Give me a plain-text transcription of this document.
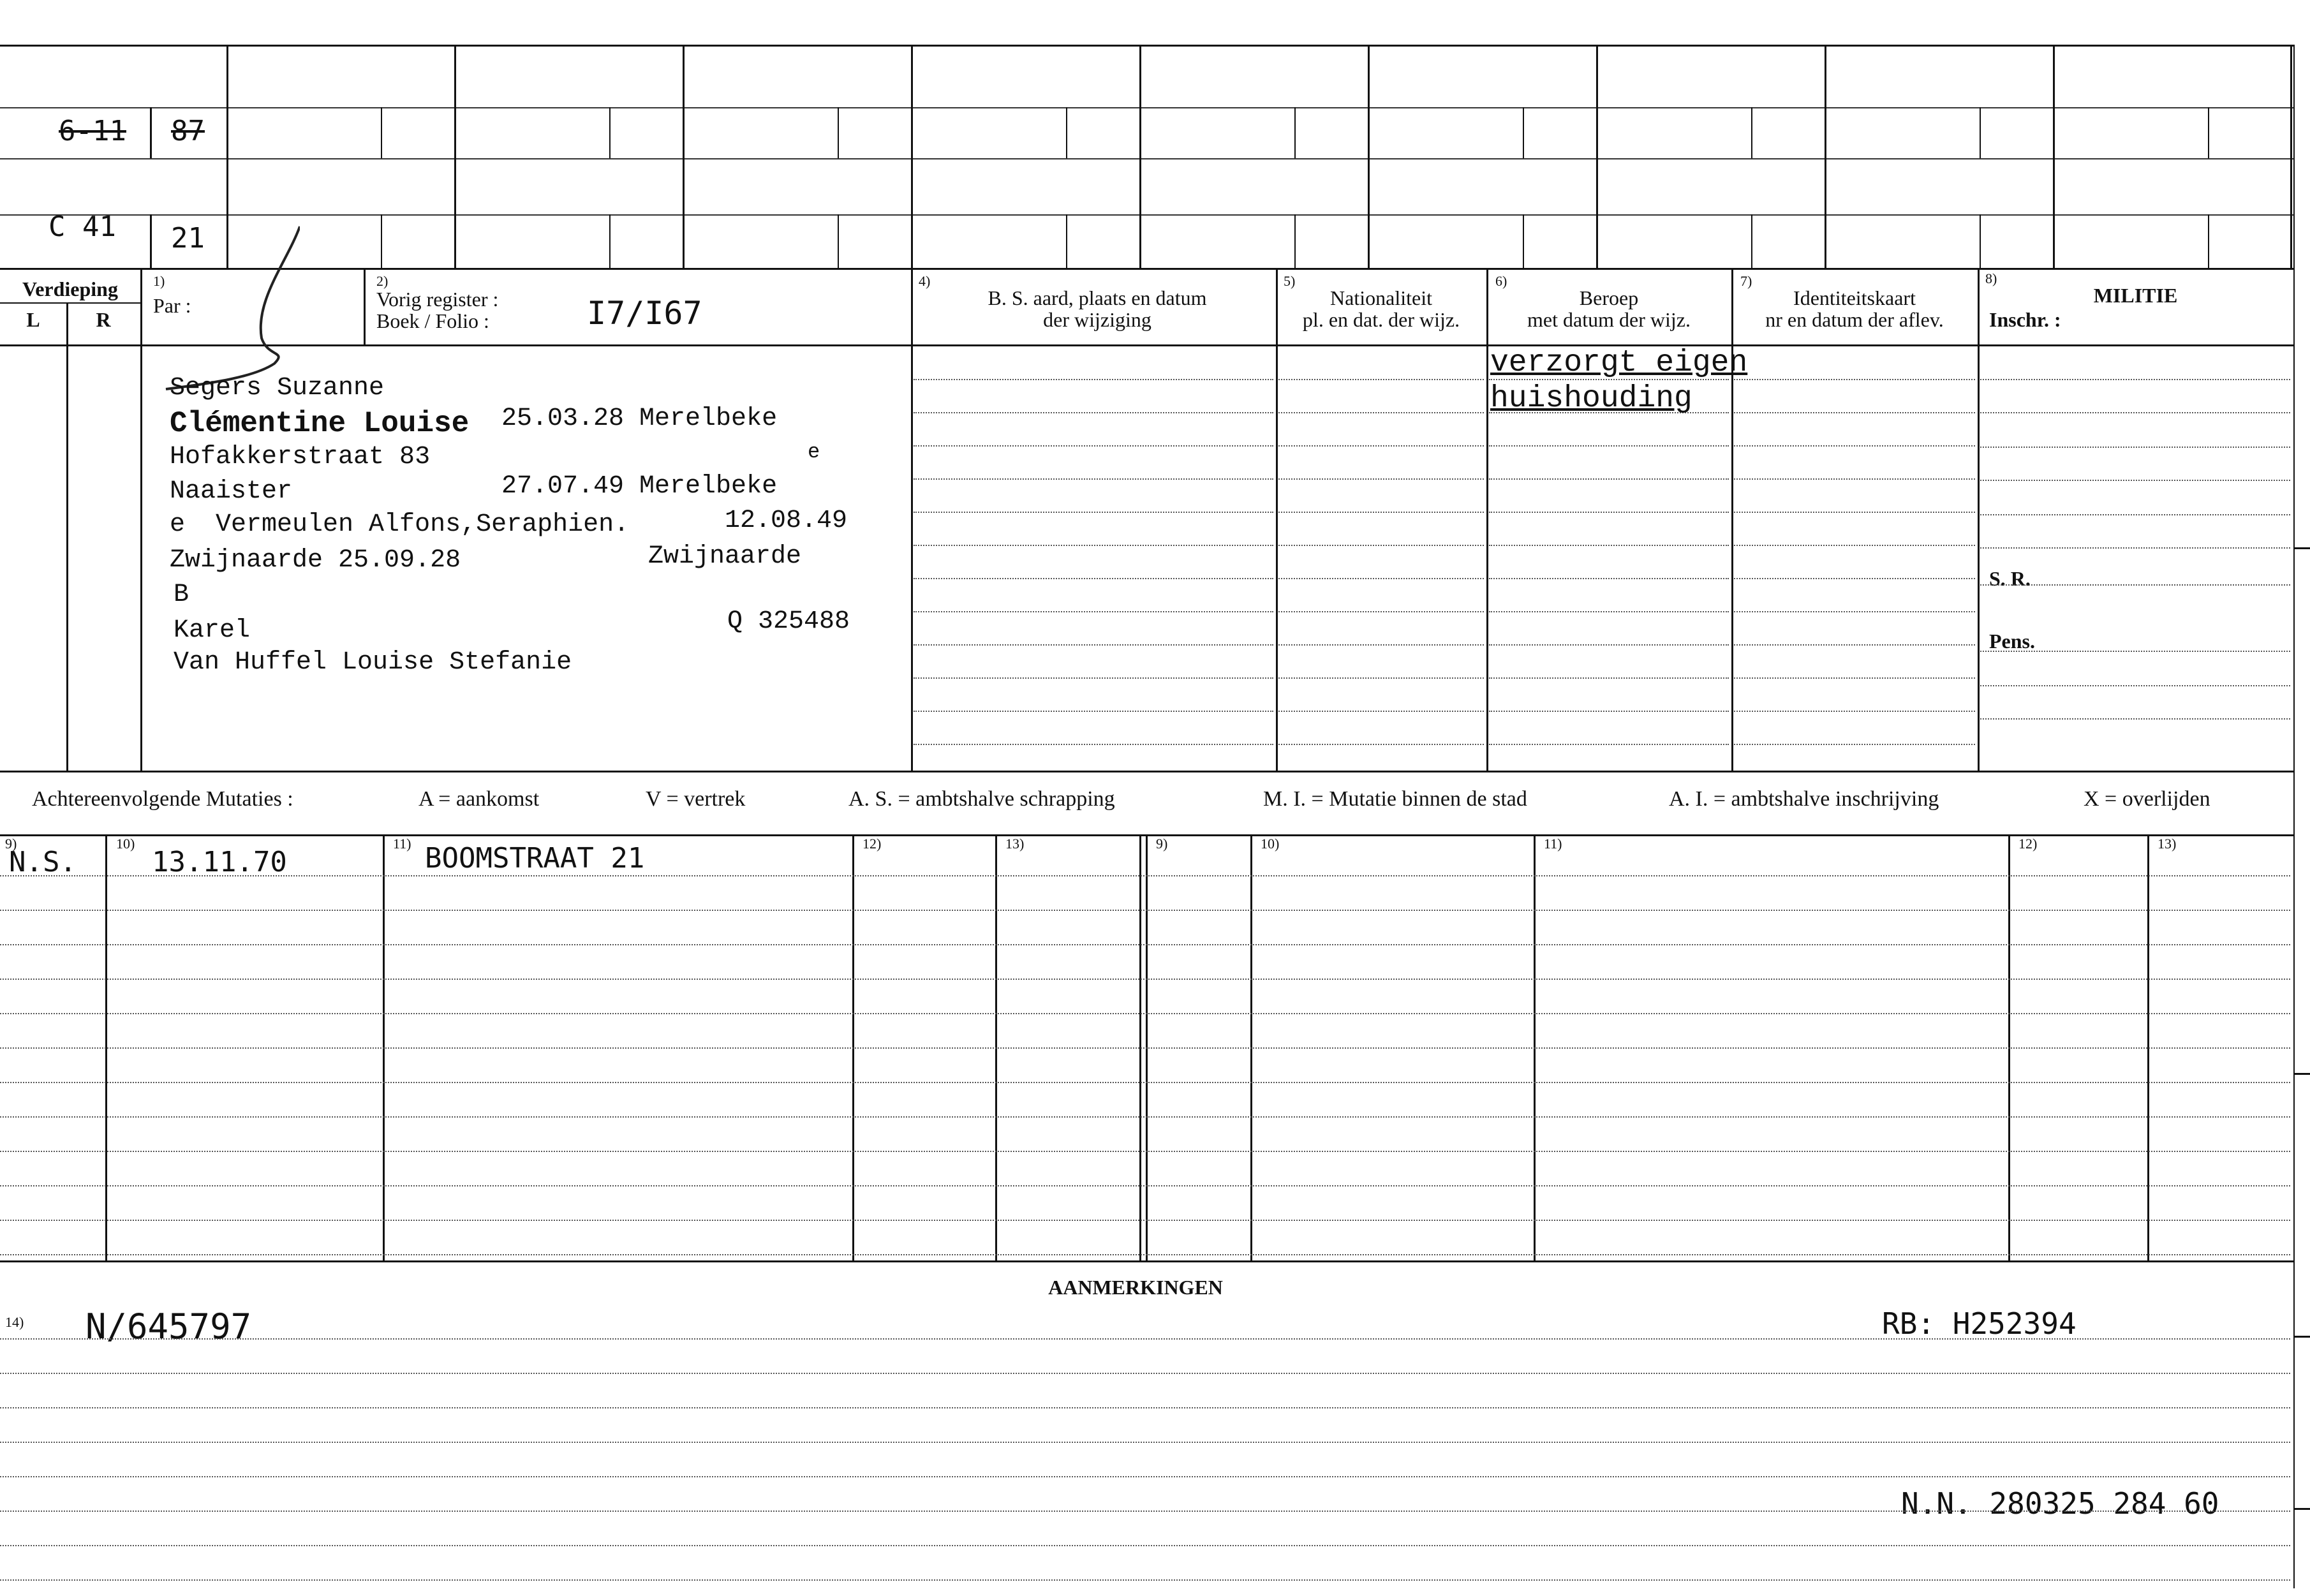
6-11 87
C 41 21
Verdieping
L	R
1)
Par :
2)
Vorig register :
Boek / Folio :	I7/I67
4)
B. S. aard, plaats en datum
der wijziging
5)
Nationaliteit
pl. en dat. der wijz.
6)
Beroep
met datum der wijz.
7)
Identiteitskaart
nr en datum der aflev.
8)
MILITIE
Inschr. :
S. R.
Pens.
Segers Suzanne
Clémentine Louise 25.03.28 Merelbeke
Hofakkerstraat 83	e
Naaister	27.07.49 Merelbeke
e  Vermeulen Alfons,Seraphien.	12.08.49
Zwijnaarde 25.09.28	Zwijnaarde
B
Karel	Q 325488
Van Huffel Louise Stefanie
verzorgt eigen
huishouding
Achtereenvolgende Mutaties :	A = aankomst	V = vertrek	A. S. = ambtshalve schrapping	M. I. = Mutatie binnen de stad	A. I. = ambtshalve inschrijving	X = overlijden
9)	10)	11)	12)	13)	9)	10)	11)	12)	13)
N.S.	13.11.70	BOOMSTRAAT 21
AANMERKINGEN
14) N/645797	RB: H252394
N.N. 280325 284 60
